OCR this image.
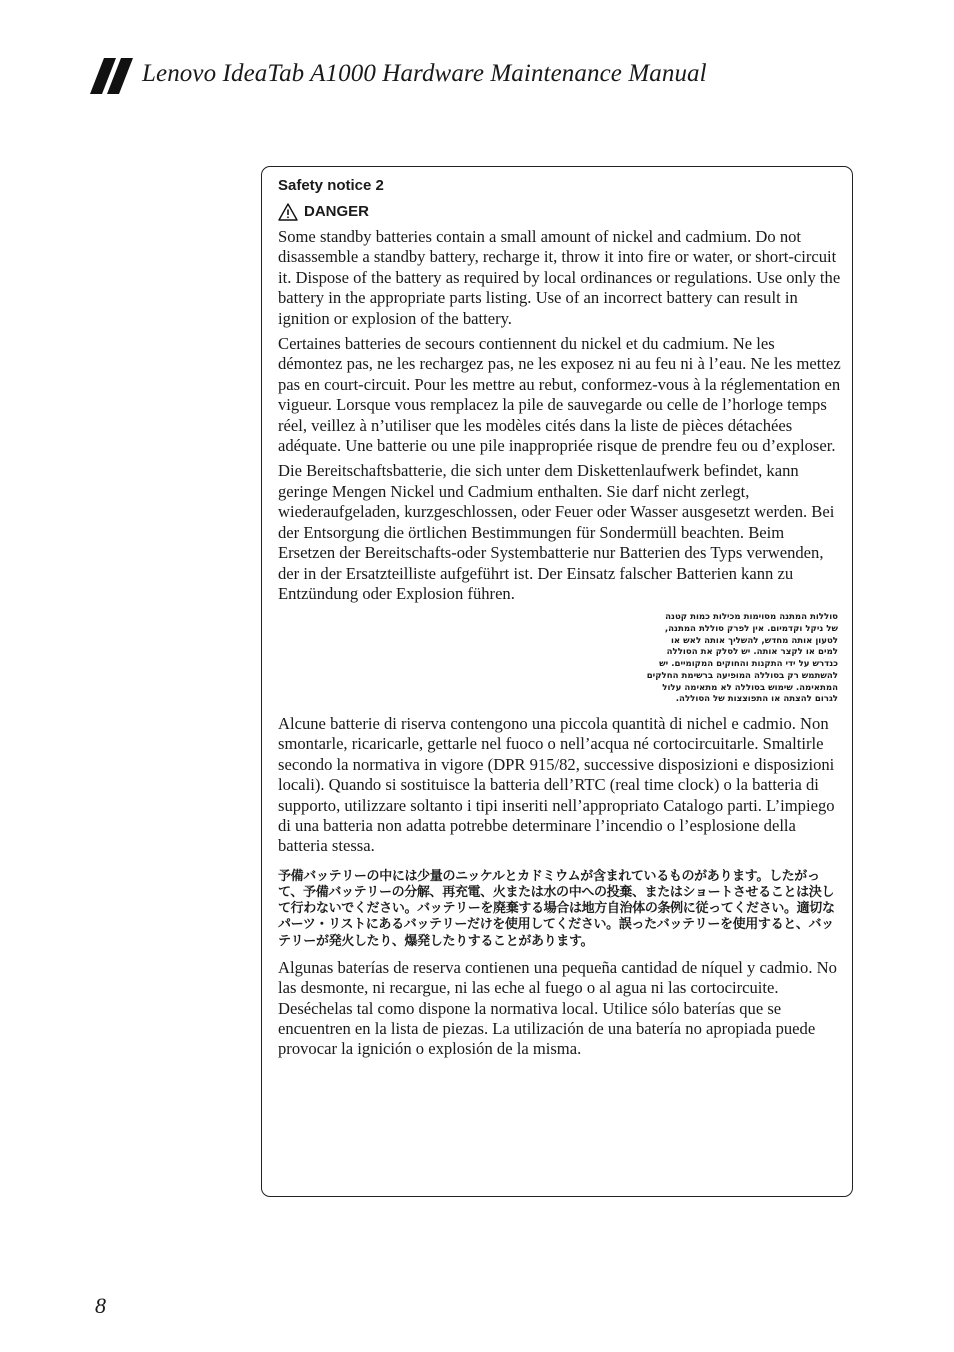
Lenovo IdeaTab A1000 Hardware Maintenance Manual
Safety notice 2
DANGER

Some standby batteries contain a small amount of nickel and cadmium. Do not disassemble a standby battery, recharge it, throw it into fire or water, or short-circuit it. Dispose of the battery as required by local ordinances or regulations. Use only the battery in the appropriate parts listing. Use of an incorrect battery can result in ignition or explosion of the battery.

Certaines batteries de secours contiennent du nickel et du cadmium. Ne les démontez pas, ne les rechargez pas, ne les exposez ni au feu ni à l’eau. Ne les mettez pas en court-circuit. Pour les mettre au rebut, conformez-vous à la réglementation en vigueur. Lorsque vous remplacez la pile de sauvegarde ou celle de l’horloge temps réel, veillez à n’utiliser que les modèles cités dans la liste de pièces détachées adéquate. Une batterie ou une pile inappropriée risque de prendre feu ou d’exploser.

Die Bereitschaftsbatterie, die sich unter dem Diskettenlaufwerk befindet, kann geringe Mengen Nickel und Cadmium enthalten. Sie darf nicht zerlegt, wiederaufgeladen, kurzgeschlossen, oder Feuer oder Wasser ausgesetzt werden. Bei der Entsorgung die örtlichen Bestimmungen für Sondermüll beachten. Beim Ersetzen der Bereitschafts-oder Systembatterie nur Batterien des Typs verwenden, der in der Ersatzteilliste aufgeführt ist. Der Einsatz falscher Batterien kann zu Entzündung oder Explosion führen.

סוללות המתנה מסוימות מכילות כמות קטנה
של ניקל וקדמיום. אין לפרק סוללת המתנה,
לטעון אותה מחדש, להשליך אותה לאש או
למים או לקצר אותה. יש לסלק את הסוללה
כנדרש על ידי התקנות והחוקים המקומיים. יש
להשתמש רק בסוללה המופיעה ברשימת החלקים
המתאימה. שימוש בסוללה לא מתאימה עלול
לגרום להצתה או התפוצצות של הסוללה.

Alcune batterie di riserva contengono una piccola quantità di nichel e cadmio. Non smontarle, ricaricarle, gettarle nel fuoco o nell’acqua né cortocircuitarle. Smaltirle secondo la normativa in vigore (DPR 915/82, successive disposizioni e disposizioni locali). Quando si sostituisce la batteria dell’RTC (real time clock) o la batteria di supporto, utilizzare soltanto i tipi inseriti nell’appropriato Catalogo parti. L’impiego di una batteria non adatta potrebbe determinare l’incendio o l’esplosione della batteria stessa.

予備バッテリーの中には少量のニッケルとカドミウムが含まれているものがあります。したがって、予備バッテリーの分解、再充電、火または水の中への投棄、またはショートさせることは決して行わないでください。バッテリーを廃棄する場合は地方自治体の条例に従ってください。適切なパーツ・リストにあるバッテリーだけを使用してください。誤ったバッテリーを使用すると、バッテリーが発火したり、爆発したりすることがあります。

Algunas baterías de reserva contienen una pequeña cantidad de níquel y cadmio. No las desmonte, ni recargue, ni las eche al fuego o al agua ni las cortocircuite. Deséchelas tal como dispone la normativa local. Utilice sólo baterías que se encuentren en la lista de piezas. La utilización de una batería no apropiada puede provocar la ignición o explosión de la misma.

8
